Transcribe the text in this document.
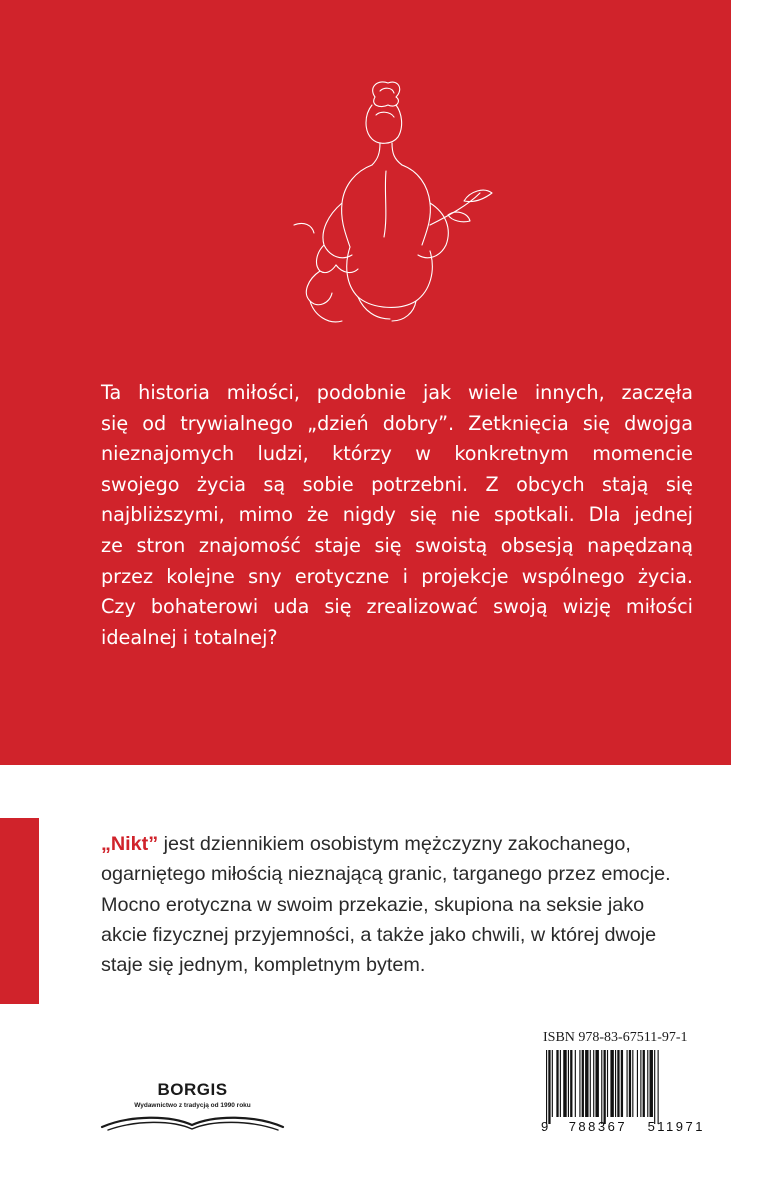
Ta historia miłości, podobnie jak wiele innych, zaczęła
się od trywialnego „dzień dobry”. Zetknięcia się dwojga
nieznajomych ludzi, którzy w konkretnym momencie
swojego życia są sobie potrzebni. Z obcych stają się
najbliższymi, mimo że nigdy się nie spotkali. Dla jednej
ze stron znajomość staje się swoistą obsesją napędzaną
przez kolejne sny erotyczne i projekcje wspólnego życia.
Czy bohaterowi uda się zrealizować swoją wizję miłości
idealnej i totalnej?
„Nikt” jest dziennikiem osobistym mężczyzny zakochanego,
ogarniętego miłością nieznającą granic, targanego przez emocje.
Mocno erotyczna w swoim przekazie, skupiona na seksie jako
akcie fizycznej przyjemności, a także jako chwili, w której dwoje
staje się jednym, kompletnym bytem.
BORGIS
Wydawnictwo z tradycją od 1990 roku
ISBN 978-83-67511-97-1
9 788367 511971
